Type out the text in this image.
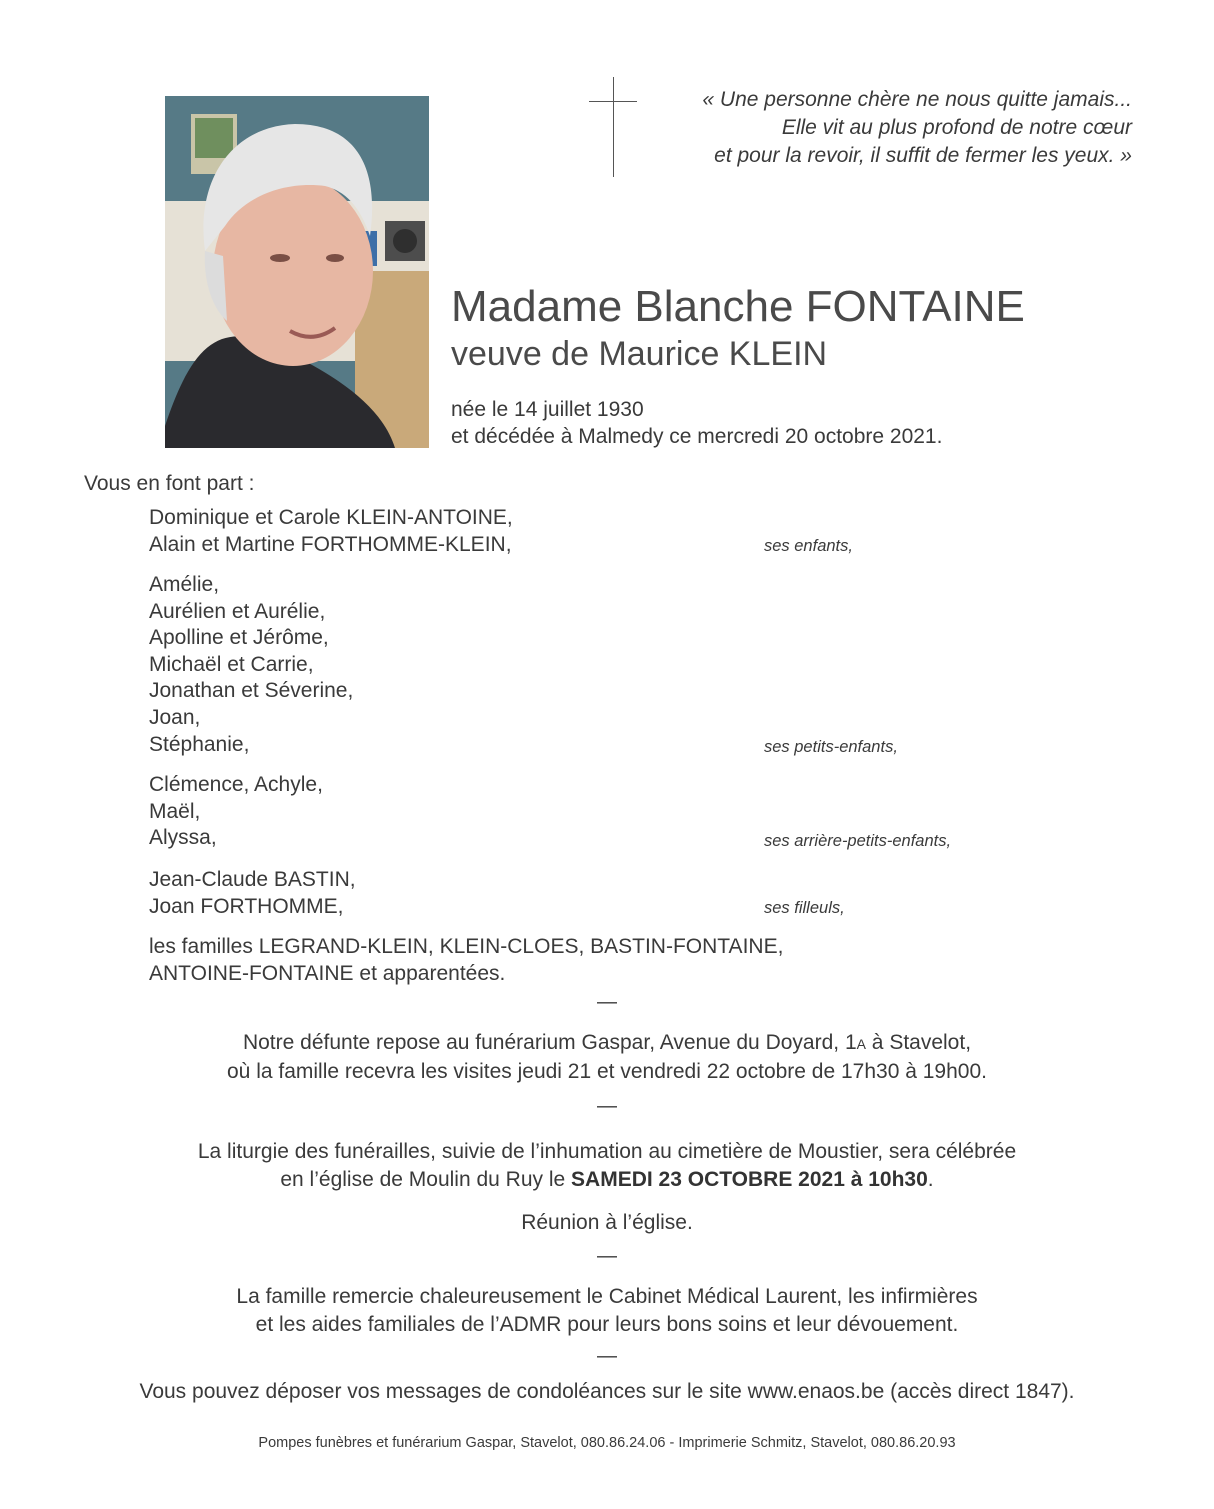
« Une personne chère ne nous quitte jamais...
Elle vit au plus profond de notre cœur
et pour la revoir, il suffit de fermer les yeux. »
Madame Blanche FONTAINE
veuve de Maurice KLEIN
née le 14 juillet 1930
et décédée à Malmedy ce mercredi 20 octobre 2021.
Vous en font part :
Dominique et Carole KLEIN-ANTOINE,
Alain et Martine FORTHOMME-KLEIN,	ses enfants,
Amélie,
Aurélien et Aurélie,
Apolline et Jérôme,
Michaël et Carrie,
Jonathan et Séverine,
Joan,
Stéphanie,	ses petits-enfants,
Clémence, Achyle,
Maël,
Alyssa,	ses arrière-petits-enfants,
Jean-Claude BASTIN,
Joan FORTHOMME,	ses filleuls,
les familles LEGRAND-KLEIN, KLEIN-CLOES, BASTIN-FONTAINE,
ANTOINE-FONTAINE et apparentées.
—
Notre défunte repose au funérarium Gaspar, Avenue du Doyard, 1A à Stavelot,
où la famille recevra les visites jeudi 21 et vendredi 22 octobre de 17h30 à 19h00.
—
La liturgie des funérailles, suivie de l’inhumation au cimetière de Moustier, sera célébrée
en l’église de Moulin du Ruy le SAMEDI 23 OCTOBRE 2021 à 10h30.
Réunion à l’église.
—
La famille remercie chaleureusement le Cabinet Médical Laurent, les infirmières
et les aides familiales de l’ADMR pour leurs bons soins et leur dévouement.
—
Vous pouvez déposer vos messages de condoléances sur le site www.enaos.be (accès direct 1847).
Pompes funèbres et funérarium Gaspar, Stavelot, 080.86.24.06 - Imprimerie Schmitz, Stavelot, 080.86.20.93
